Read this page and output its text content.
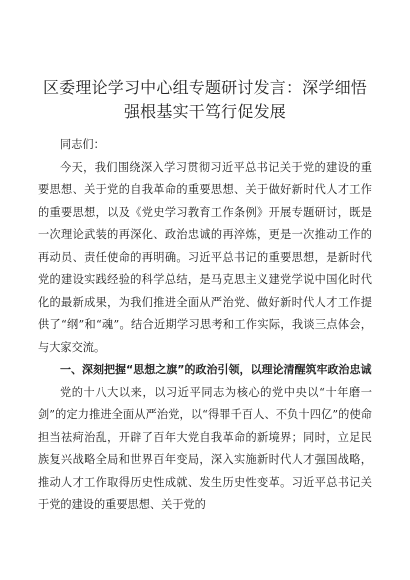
区委理论学习中心组专题研讨发言：深学细悟
强根基实干笃行促发展

同志们：

今天，我们围绕深入学习贯彻习近平总书记关于党的建设的重要思想、关于党的自我革命的重要思想、关于做好新时代人才工作的重要思想，以及《党史学习教育工作条例》开展专题研讨，既是一次理论武装的再深化、政治忠诚的再淬炼，更是一次推动工作的再动员、责任使命的再明确。习近平总书记的重要思想，是新时代党的建设实践经验的科学总结，是马克思主义建党学说中国化时代化的最新成果，为我们推进全面从严治党、做好新时代人才工作提供了“纲”和“魂”。结合近期学习思考和工作实际，我谈三点体会，与大家交流。

一、深刻把握“思想之旗”的政治引领，以理论清醒筑牢政治忠诚

党的十八大以来，以习近平同志为核心的党中央以“十年磨一剑”的定力推进全面从严治党，以“得罪千百人、不负十四亿”的使命担当祛疴治乱，开辟了百年大党自我革命的新境界；同时，立足民族复兴战略全局和世界百年变局，深入实施新时代人才强国战略，推动人才工作取得历史性成就、发生历史性变革。习近平总书记关于党的建设的重要思想、关于党的
